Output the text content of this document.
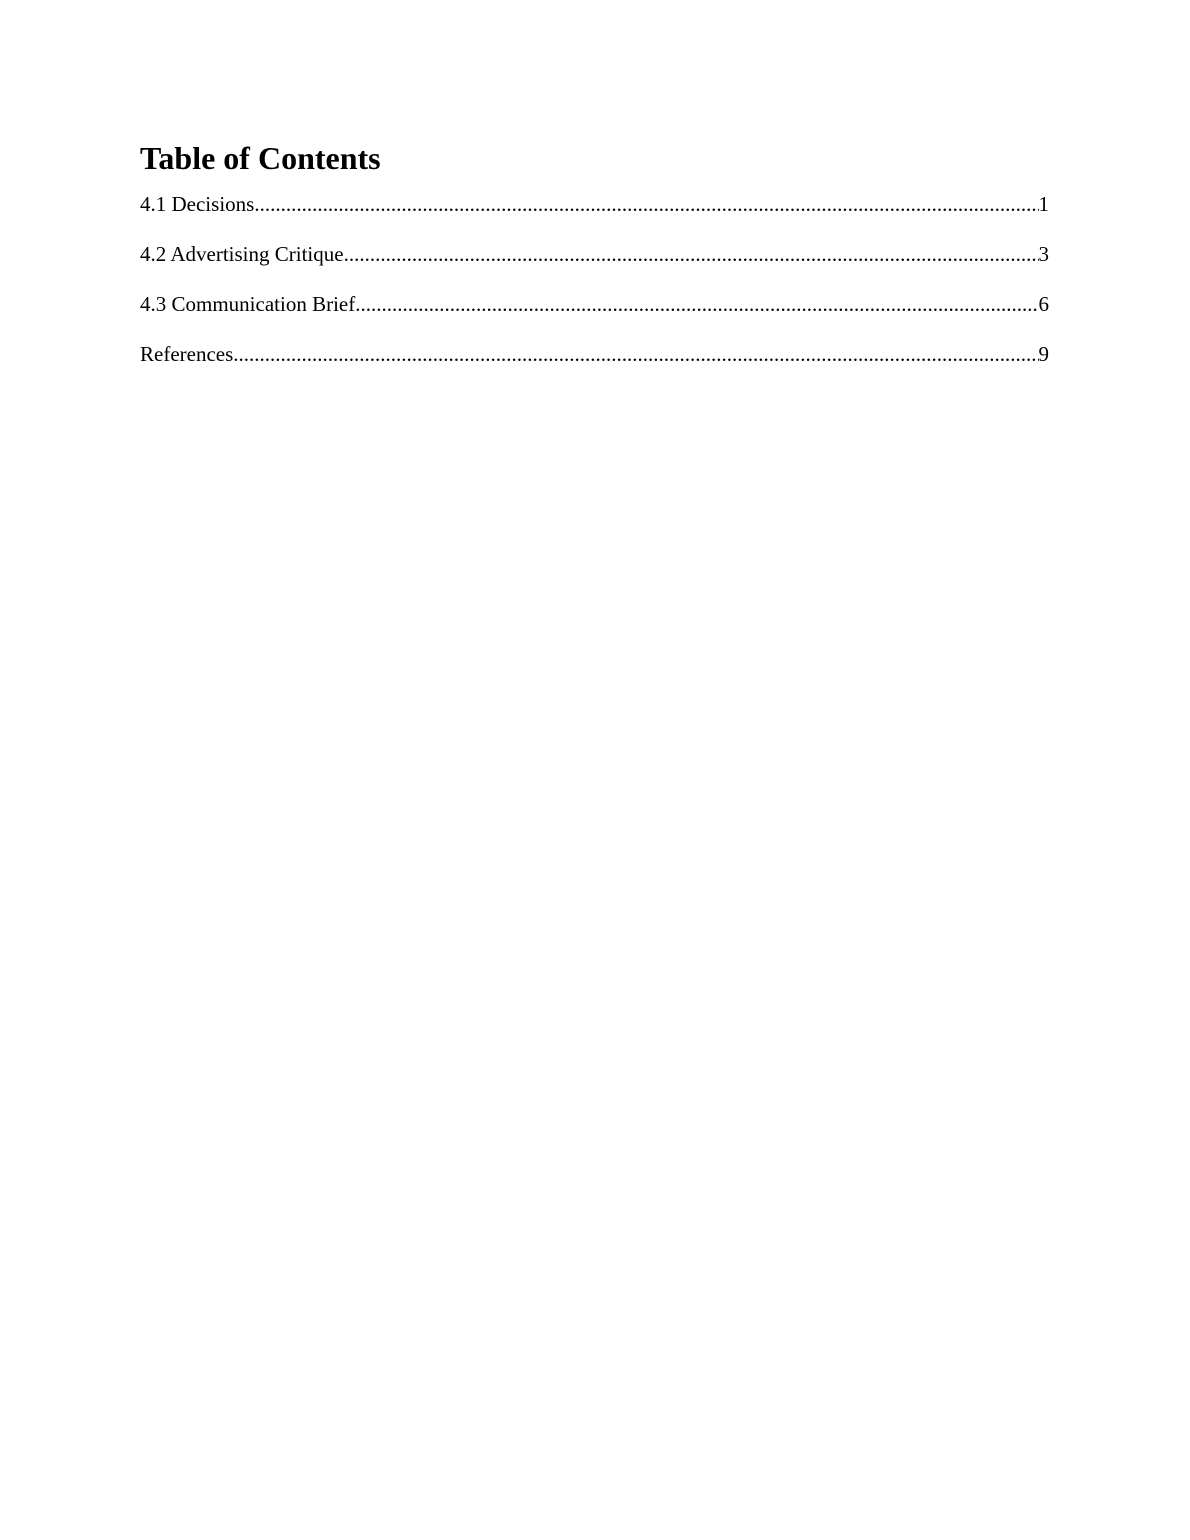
Table of Contents
4.1 Decisions .....	1
4.2 Advertising Critique .....	3
4.3 Communication Brief .....	6
References .....	9
